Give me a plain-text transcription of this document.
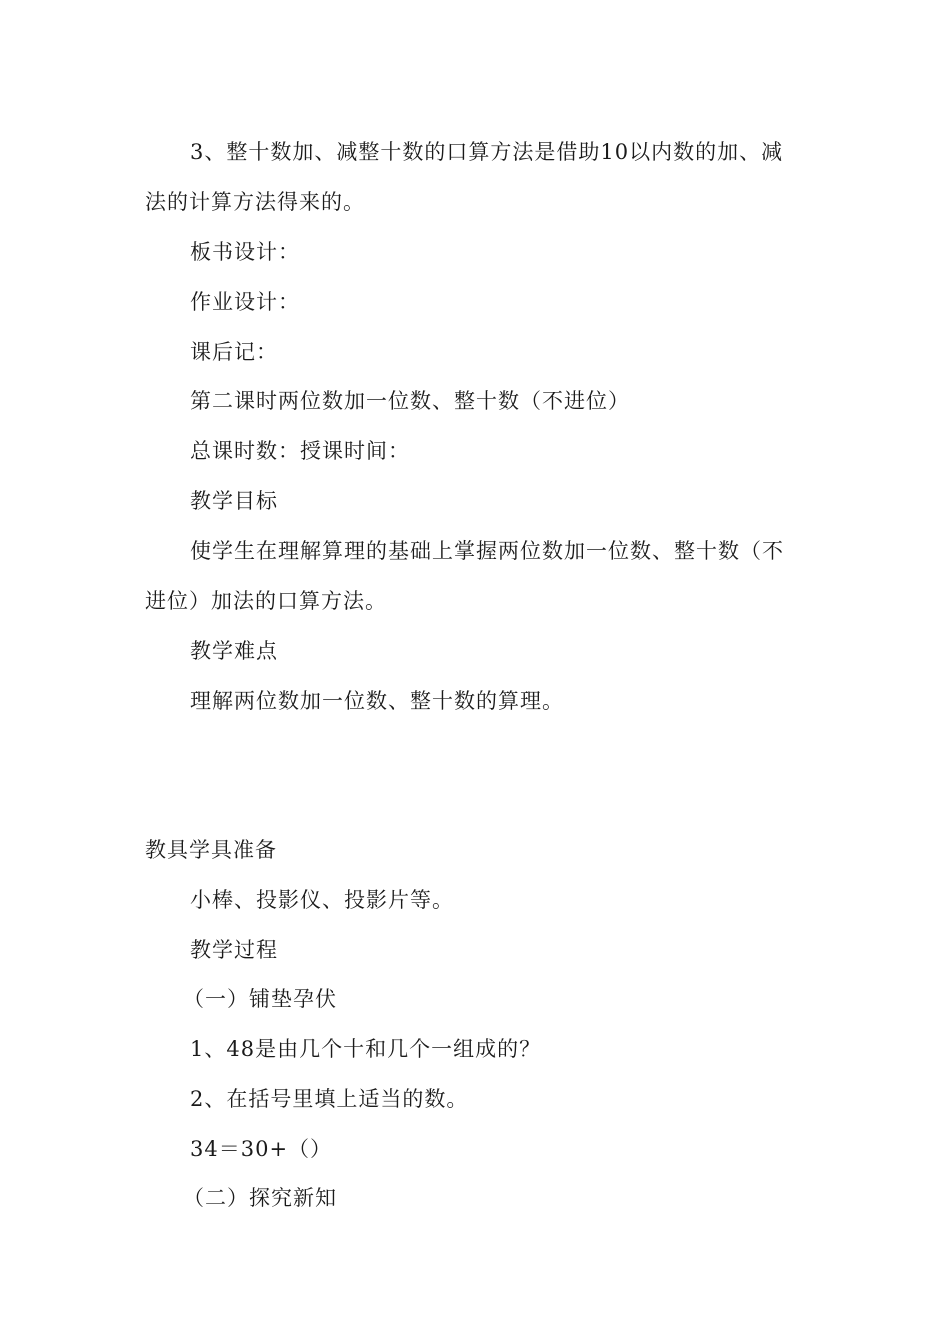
3、整十数加、减整十数的口算方法是借助10以内数的加、减
法的计算方法得来的。
板书设计：
作业设计：
课后记：
第二课时两位数加一位数、整十数（不进位）
总课时数：授课时间：
教学目标
使学生在理解算理的基础上掌握两位数加一位数、整十数（不
进位）加法的口算方法。
教学难点
理解两位数加一位数、整十数的算理。
教具学具准备
小棒、投影仪、投影片等。
教学过程
（一）铺垫孕伏
1、48是由几个十和几个一组成的？
2、在括号里填上适当的数。
34＝30+（）
（二）探究新知
